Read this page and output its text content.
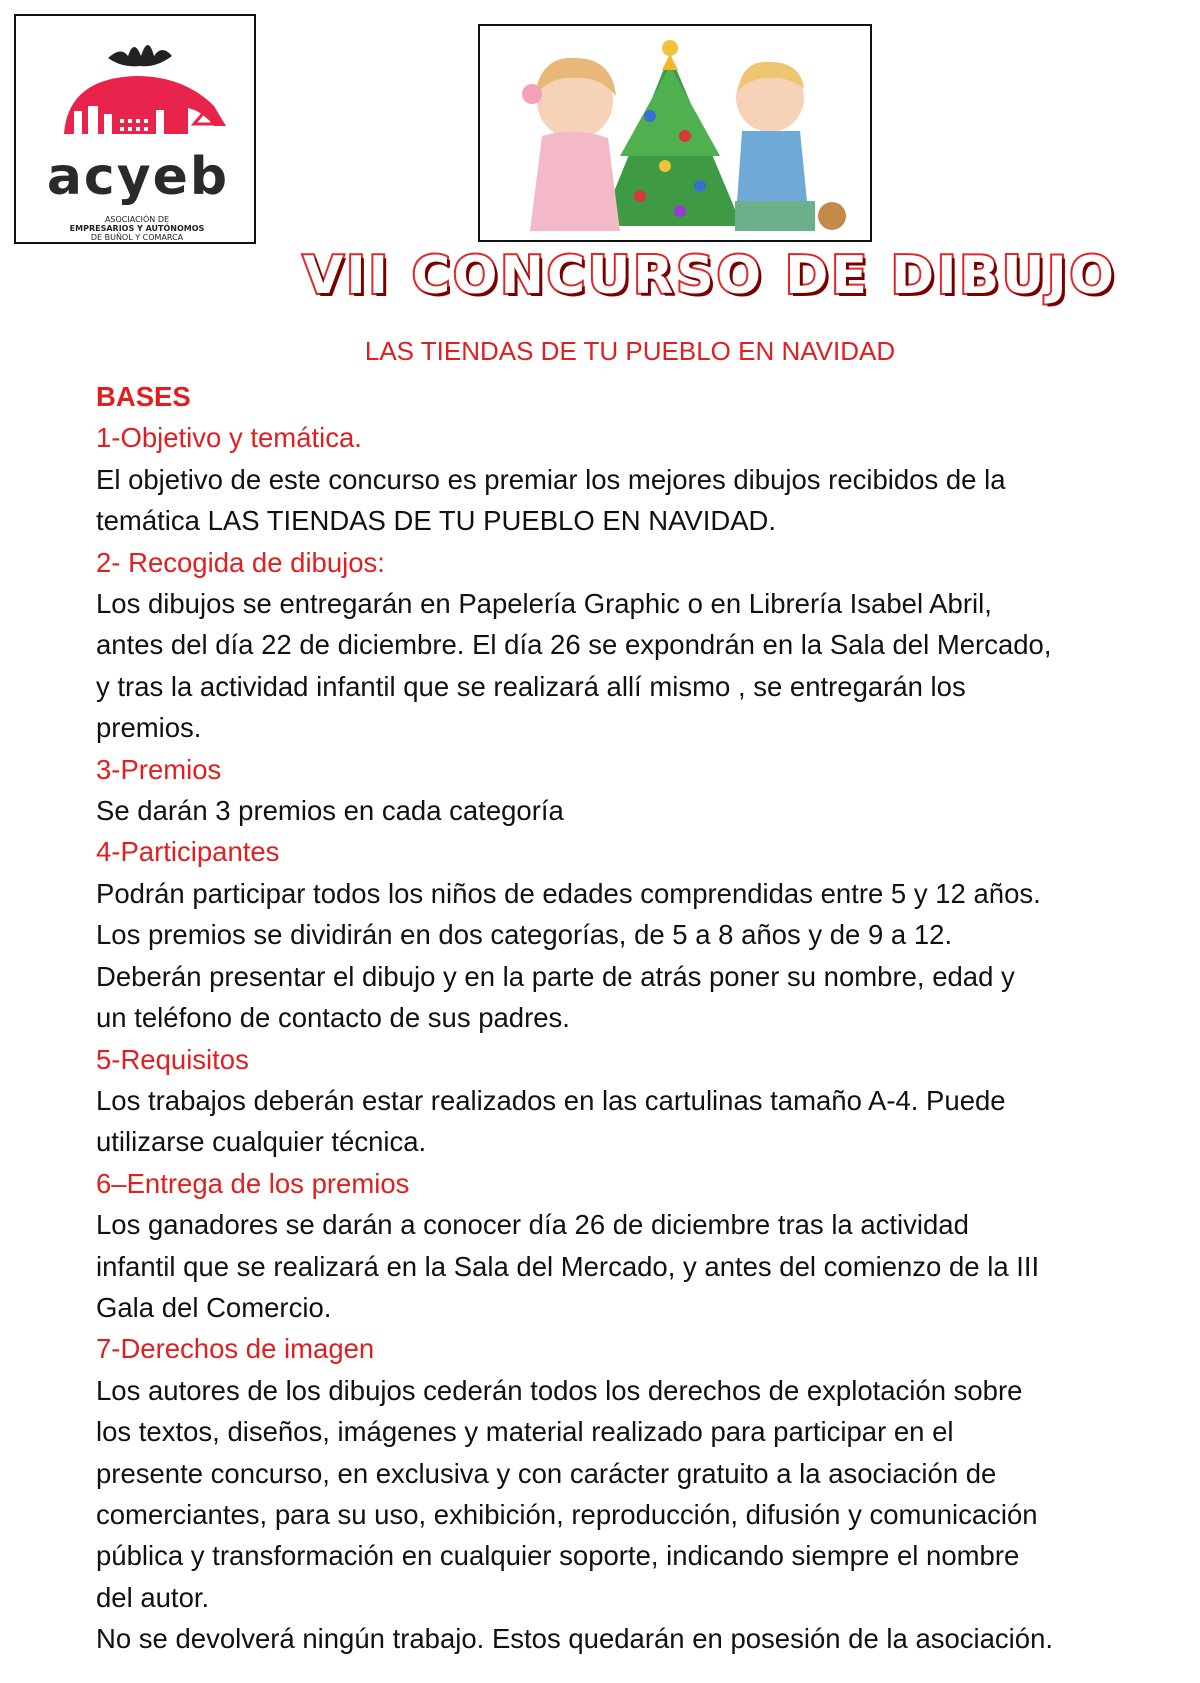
acyeb
ASOCIACIÓN DE
EMPRESARIOS Y AUTÓNOMOS
DE BUÑOL Y COMARCA
VII CONCURSO DE DIBUJO
LAS TIENDAS DE TU PUEBLO EN NAVIDAD
BASES
1-Objetivo y temática.
El objetivo de este concurso es premiar los mejores dibujos recibidos de la
temática LAS TIENDAS DE TU PUEBLO EN NAVIDAD.
2- Recogida de dibujos:
Los dibujos se entregarán en Papelería Graphic o en Librería Isabel Abril,
antes del día 22 de diciembre. El día 26 se expondrán en la Sala del Mercado,
y tras la actividad infantil que se realizará allí mismo , se entregarán los
premios.
3-Premios
Se darán 3 premios en cada categoría
4-Participantes
Podrán participar todos los niños de edades comprendidas entre 5 y 12 años.
Los premios se dividirán en dos categorías, de 5 a 8 años y de 9 a 12.
Deberán presentar el dibujo y en la parte de atrás poner su nombre, edad y
un teléfono de contacto de sus padres.
5-Requisitos
Los trabajos deberán estar realizados en las cartulinas tamaño A-4. Puede
utilizarse cualquier técnica.
6–Entrega de los premios
Los ganadores se darán a conocer día 26 de diciembre tras la actividad
infantil que se realizará en la Sala del Mercado, y antes del comienzo de la III
Gala del Comercio.
7-Derechos de imagen
Los autores de los dibujos cederán todos los derechos de explotación sobre
los textos, diseños, imágenes y material realizado para participar en el
presente concurso, en exclusiva y con carácter gratuito a la asociación de
comerciantes, para su uso, exhibición, reproducción, difusión y comunicación
pública y transformación en cualquier soporte, indicando siempre el nombre
del autor.
No se devolverá ningún trabajo. Estos quedarán en posesión de la asociación.
